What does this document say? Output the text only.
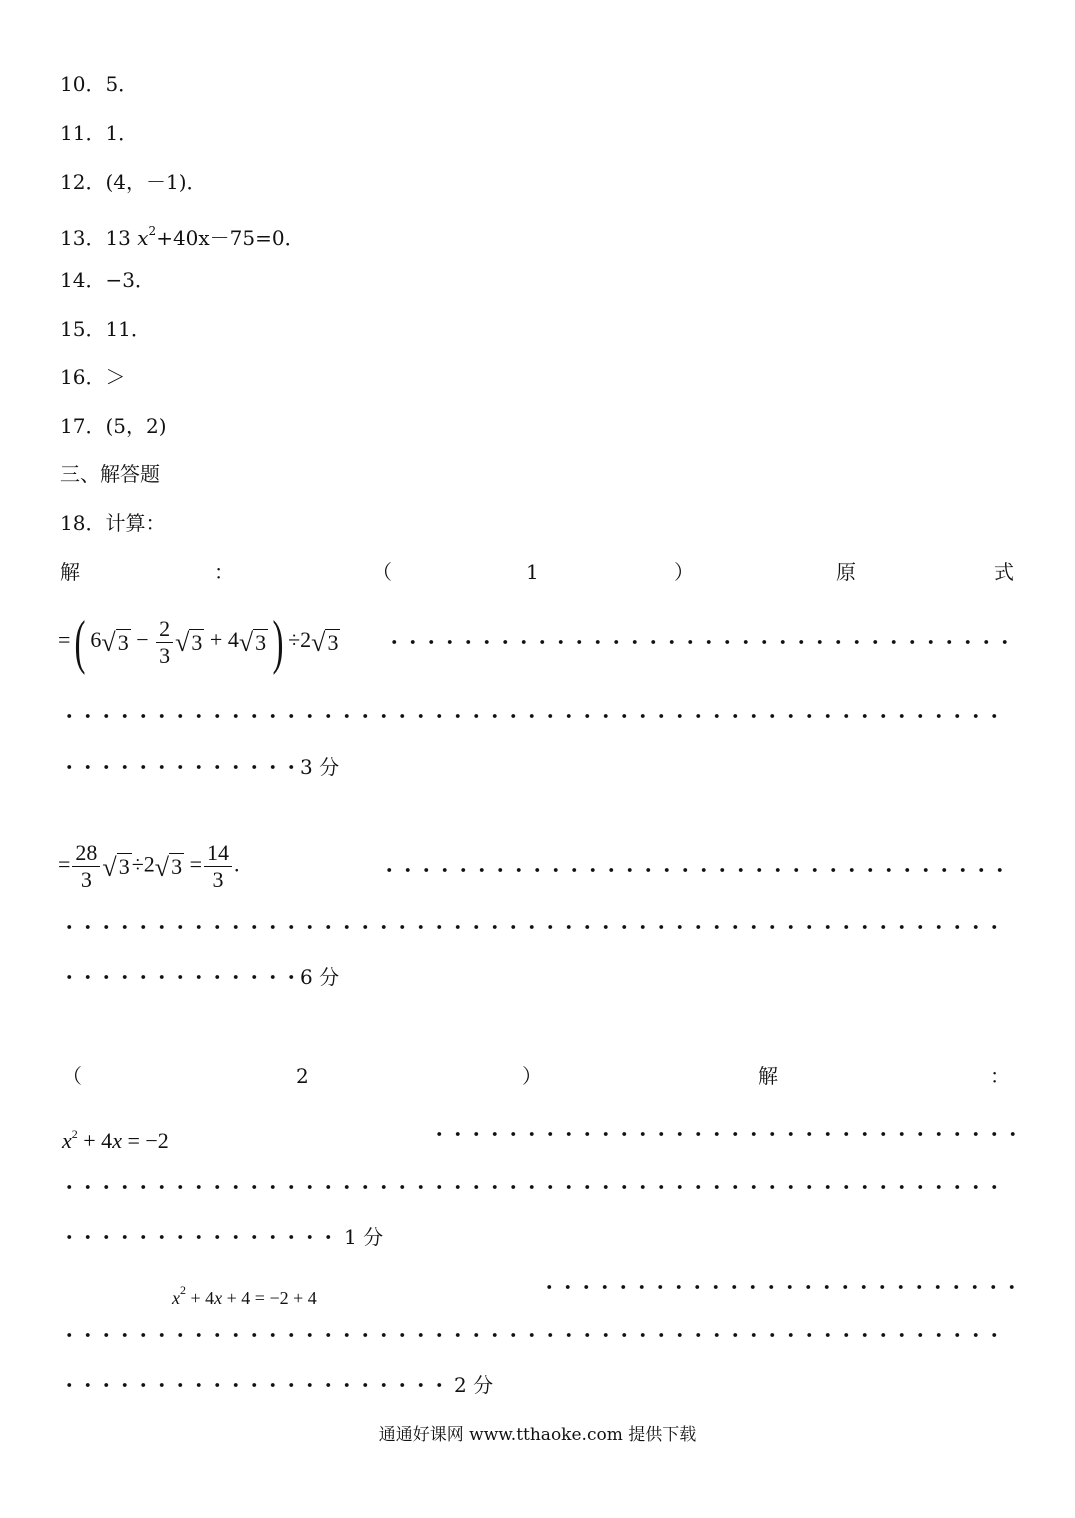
10．5．
11．1．
12．(4，－1)．
13．13 $x^2+40x-75=0$．
14．−3．
15．11．
16．＞
17．(5，2)
三、解答题
18．计算：
解	：	（	1	）	原	式
=( $6√3 - \frac{2}{3} √3 + 4√3$ ) ÷2√3
3 分
= $\frac{28}{3} √3\div 2√3 = \frac{14}{3}$ .
6 分
（	2	）	解	：
$x^2 + 4x = -2$
1 分
$x^2 + 4x + 4 = -2 + 4$
2 分
通通好课网 www.tthaoke.com 提供下载
